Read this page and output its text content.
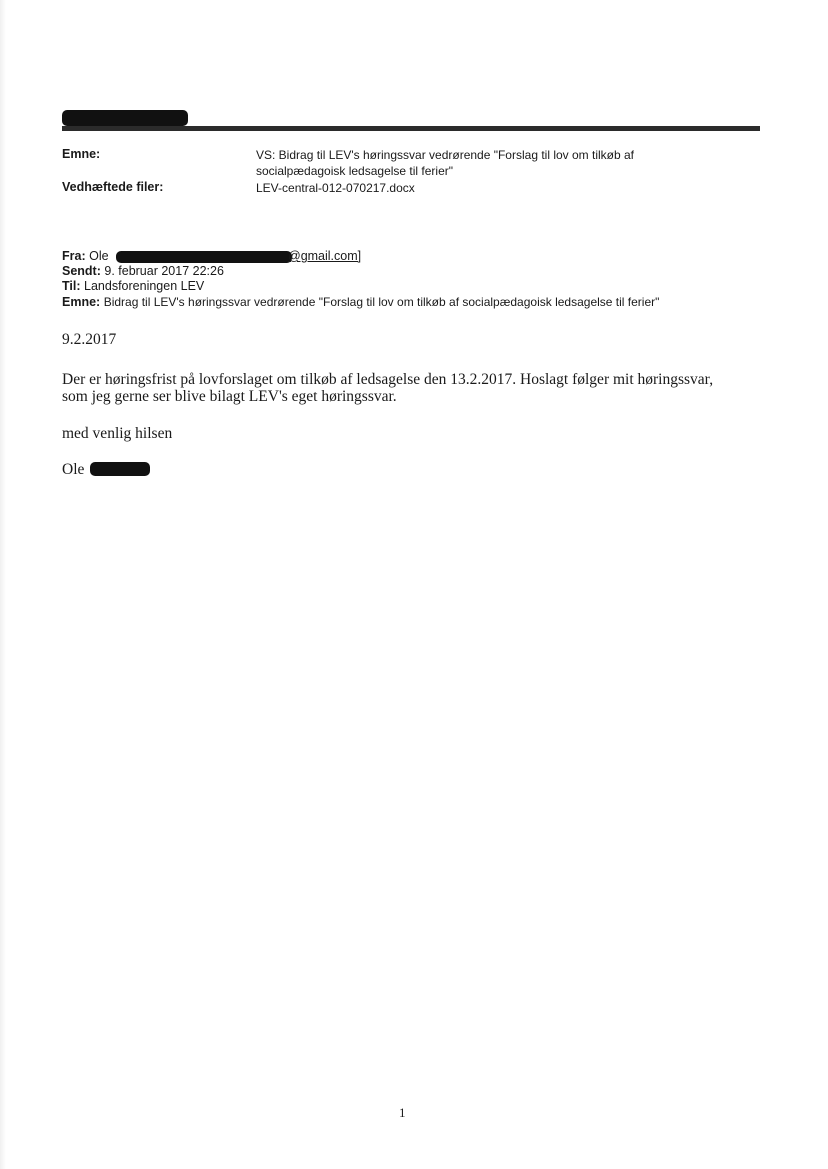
Emne:	VS: Bidrag til LEV's høringssvar vedrørende "Forslag til lov om tilkøb af
socialpædagoisk ledsagelse til ferier"
Vedhæftede filer:	LEV-central-012-070217.docx
Fra: Ole	@gmail.com]
Sendt: 9. februar 2017 22:26
Til: Landsforeningen LEV
Emne: Bidrag til LEV's høringssvar vedrørende "Forslag til lov om tilkøb af socialpædagoisk ledsagelse til ferier"
9.2.2017
Der er høringsfrist på lovforslaget om tilkøb af ledsagelse den 13.2.2017. Hoslagt følger mit høringssvar,
som jeg gerne ser blive bilagt LEV's eget høringssvar.
med venlig hilsen
Ole
1
